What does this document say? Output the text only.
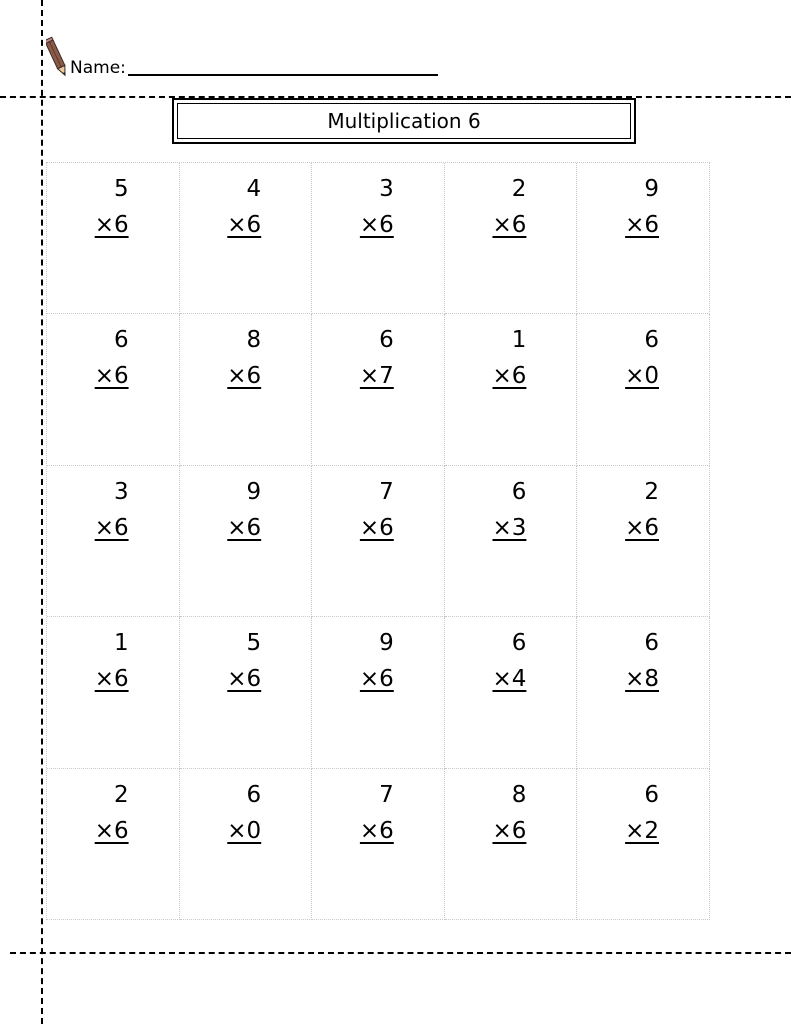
Name:
Multiplication 6
5
×6
4
×6
3
×6
2
×6
9
×6
6
×6
8
×6
6
×7
1
×6
6
×0
3
×6
9
×6
7
×6
6
×3
2
×6
1
×6
5
×6
9
×6
6
×4
6
×8
2
×6
6
×0
7
×6
8
×6
6
×2
